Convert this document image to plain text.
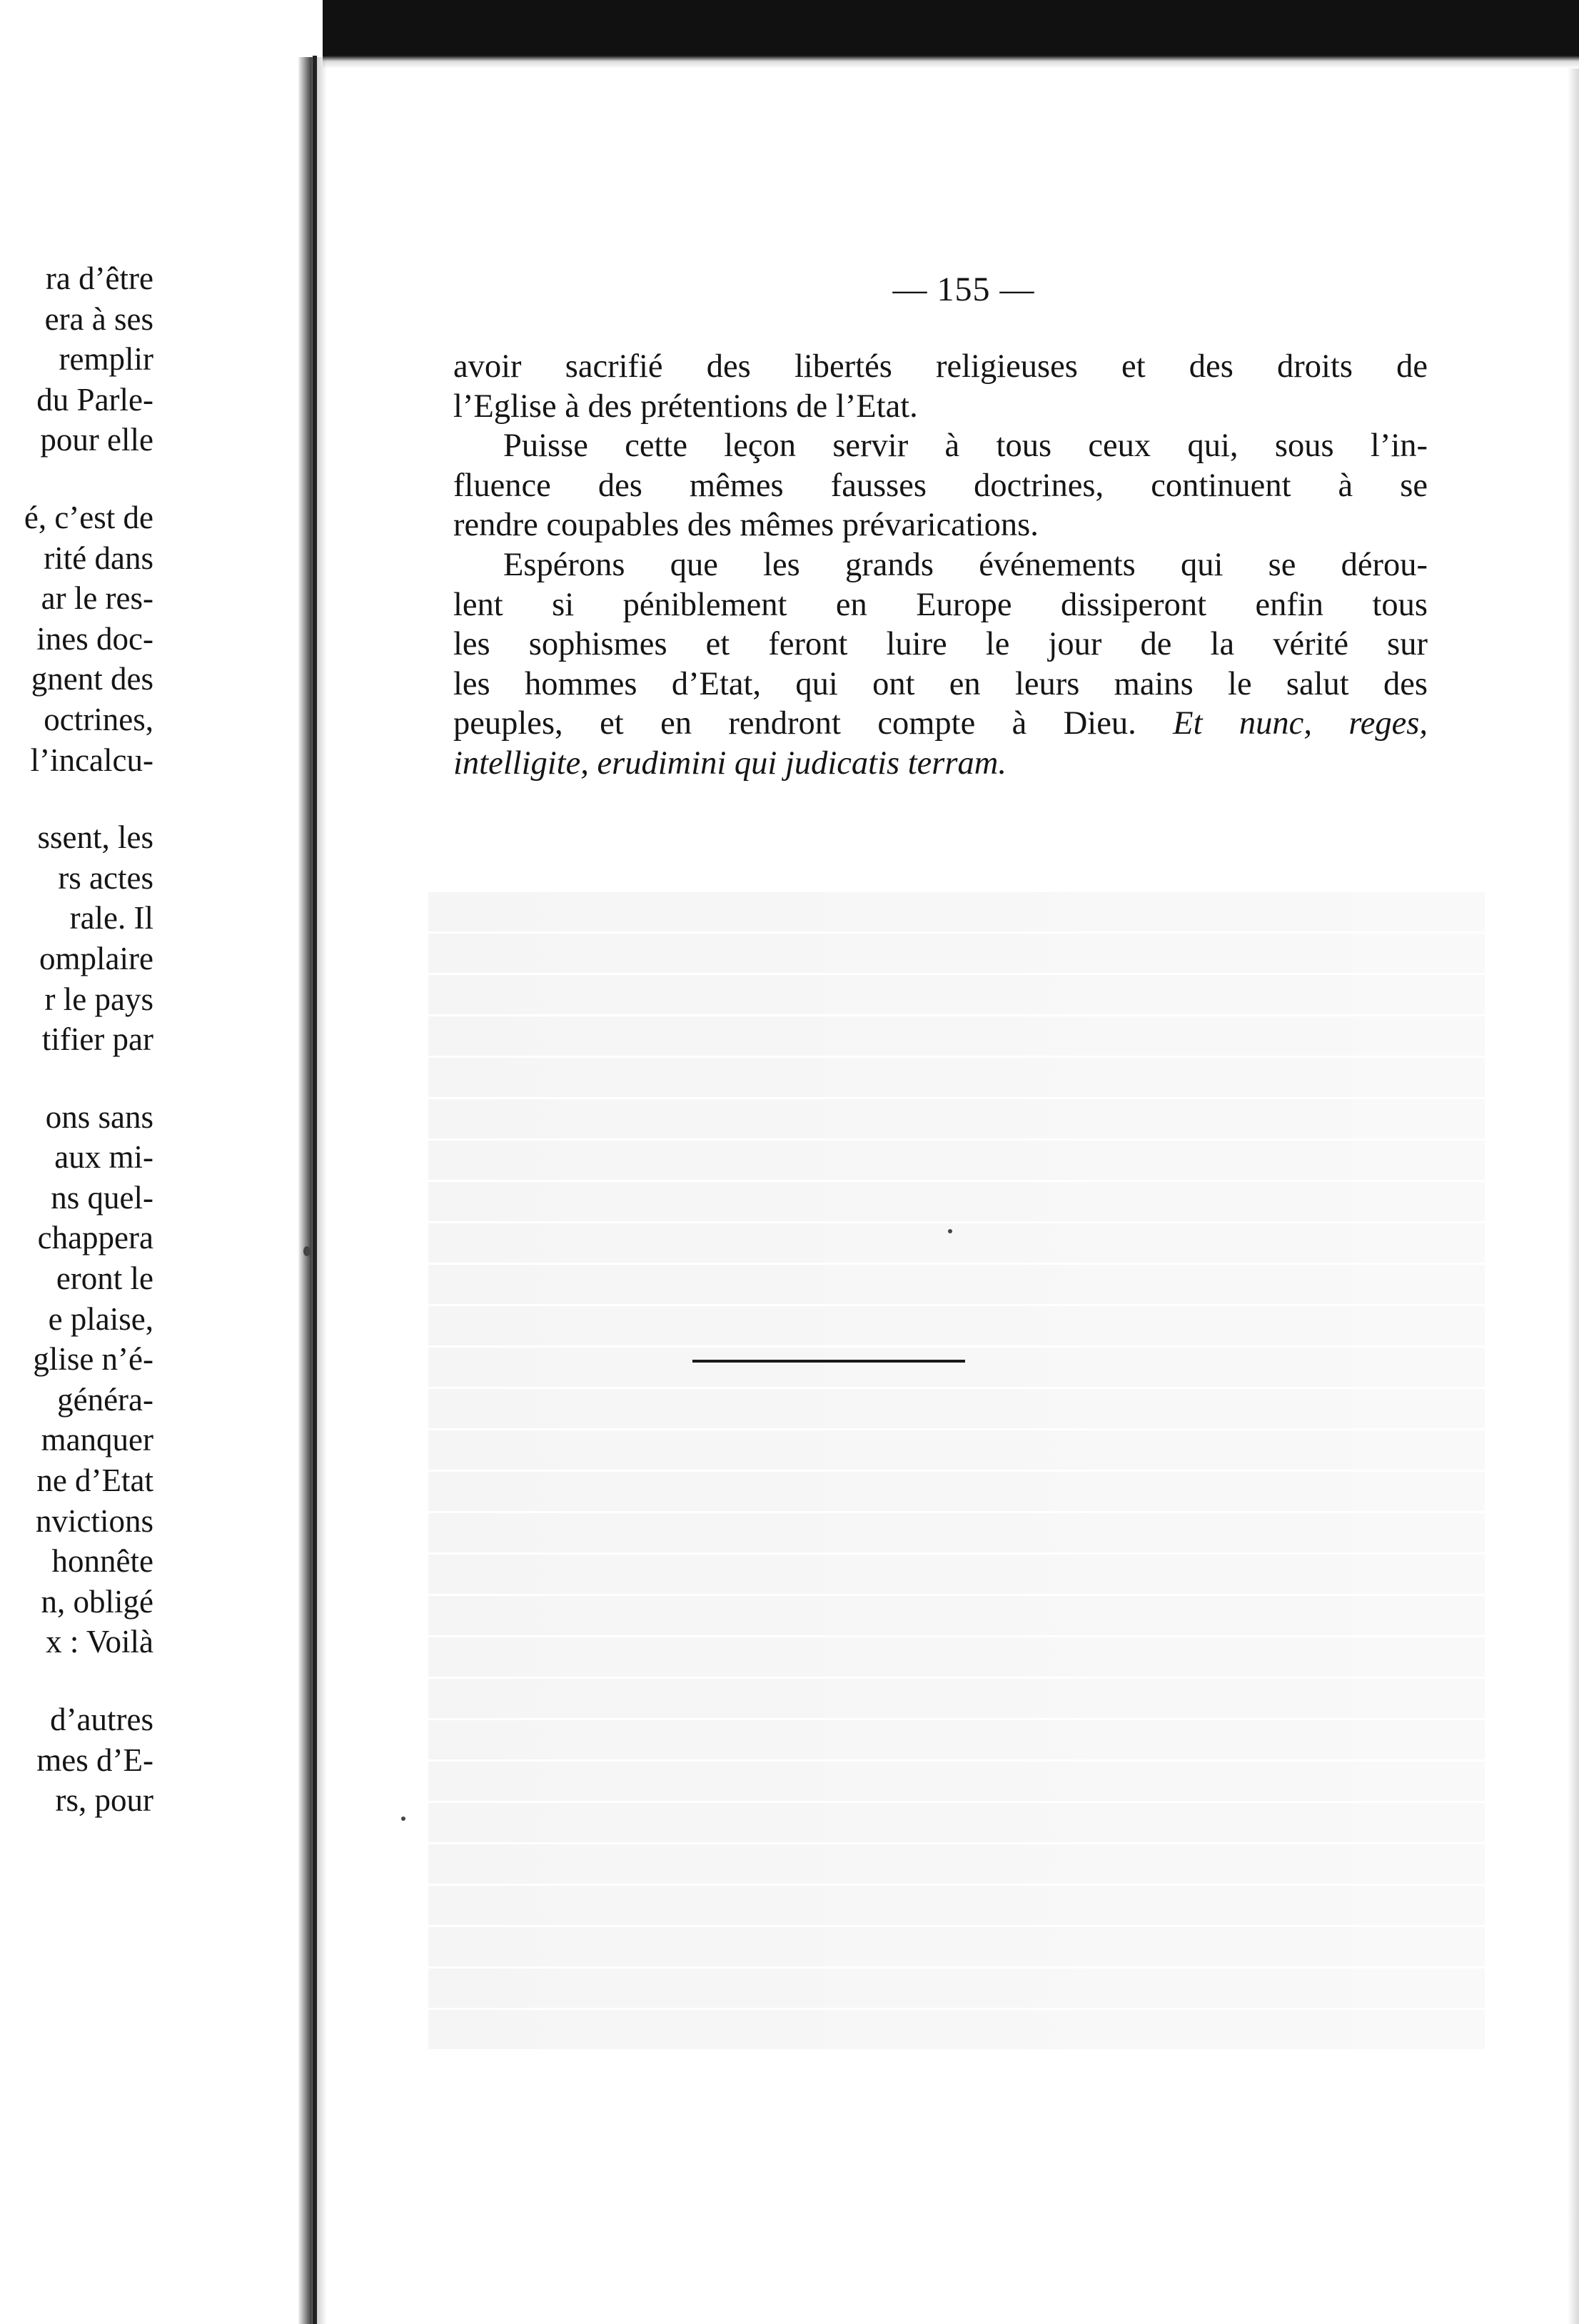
ra d’être
era à ses
remplir
du Parle-
pour elle
é, c’est de
rité dans
ar le res-
ines doc-
gnent des
octrines,
l’incalcu-
ssent, les
rs actes
rale. Il
omplaire
r le pays
tifier par
ons sans
aux mi-
ns quel-
chappera
eront le
e plaise,
glise n’é-
généra-
manquer
ne d’Etat
nvictions
honnête
n, obligé
x : Voilà
d’autres
mes d’E-
rs, pour
— 155 —
avoir sacrifié des libertés religieuses et des droits de
l’Eglise à des prétentions de l’Etat.
Puisse cette leçon servir à tous ceux qui, sous l’in-
fluence des mêmes fausses doctrines, continuent à se
rendre coupables des mêmes prévarications.
Espérons que les grands événements qui se dérou-
lent si péniblement en Europe dissiperont enfin tous
les sophismes et feront luire le jour de la vérité sur
les hommes d’Etat, qui ont en leurs mains le salut des
peuples, et en rendront compte à Dieu. Et nunc, reges,
intelligite, erudimini qui judicatis terram.
